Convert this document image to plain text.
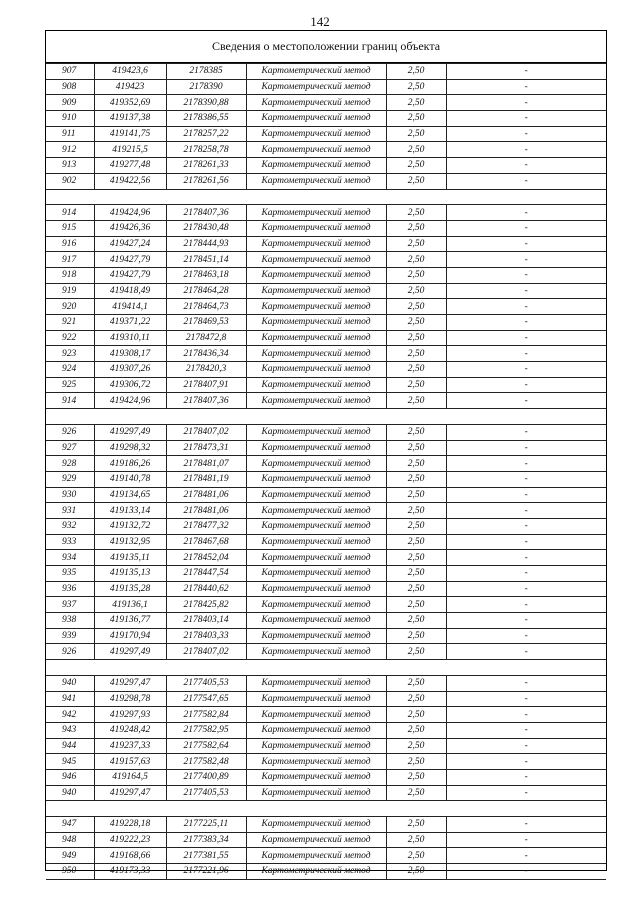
142
Сведения о местоположении границ объекта
907	419423,6	2178385	Картометрический метод	2,50	-
908	419423	2178390	Картометрический метод	2,50	-
909	419352,69	2178390,88	Картометрический метод	2,50	-
910	419137,38	2178386,55	Картометрический метод	2,50	-
911	419141,75	2178257,22	Картометрический метод	2,50	-
912	419215,5	2178258,78	Картометрический метод	2,50	-
913	419277,48	2178261,33	Картометрический метод	2,50	-
902	419422,56	2178261,56	Картометрический метод	2,50	-

914	419424,96	2178407,36	Картометрический метод	2,50	-
915	419426,36	2178430,48	Картометрический метод	2,50	-
916	419427,24	2178444,93	Картометрический метод	2,50	-
917	419427,79	2178451,14	Картометрический метод	2,50	-
918	419427,79	2178463,18	Картометрический метод	2,50	-
919	419418,49	2178464,28	Картометрический метод	2,50	-
920	419414,1	2178464,73	Картометрический метод	2,50	-
921	419371,22	2178469,53	Картометрический метод	2,50	-
922	419310,11	2178472,8	Картометрический метод	2,50	-
923	419308,17	2178436,34	Картометрический метод	2,50	-
924	419307,26	2178420,3	Картометрический метод	2,50	-
925	419306,72	2178407,91	Картометрический метод	2,50	-
914	419424,96	2178407,36	Картометрический метод	2,50	-

926	419297,49	2178407,02	Картометрический метод	2,50	-
927	419298,32	2178473,31	Картометрический метод	2,50	-
928	419186,26	2178481,07	Картометрический метод	2,50	-
929	419140,78	2178481,19	Картометрический метод	2,50	-
930	419134,65	2178481,06	Картометрический метод	2,50	-
931	419133,14	2178481,06	Картометрический метод	2,50	-
932	419132,72	2178477,32	Картометрический метод	2,50	-
933	419132,95	2178467,68	Картометрический метод	2,50	-
934	419135,11	2178452,04	Картометрический метод	2,50	-
935	419135,13	2178447,54	Картометрический метод	2,50	-
936	419135,28	2178440,62	Картометрический метод	2,50	-
937	419136,1	2178425,82	Картометрический метод	2,50	-
938	419136,77	2178403,14	Картометрический метод	2,50	-
939	419170,94	2178403,33	Картометрический метод	2,50	-
926	419297,49	2178407,02	Картометрический метод	2,50	-

940	419297,47	2177405,53	Картометрический метод	2,50	-
941	419298,78	2177547,65	Картометрический метод	2,50	-
942	419297,93	2177582,84	Картометрический метод	2,50	-
943	419248,42	2177582,95	Картометрический метод	2,50	-
944	419237,33	2177582,64	Картометрический метод	2,50	-
945	419157,63	2177582,48	Картометрический метод	2,50	-
946	419164,5	2177400,89	Картометрический метод	2,50	-
940	419297,47	2177405,53	Картометрический метод	2,50	-

947	419228,18	2177225,11	Картометрический метод	2,50	-
948	419222,23	2177383,34	Картометрический метод	2,50	-
949	419168,66	2177381,55	Картометрический метод	2,50	-
950	419173,33	2177221,96	Картометрический метод	2,50	-
